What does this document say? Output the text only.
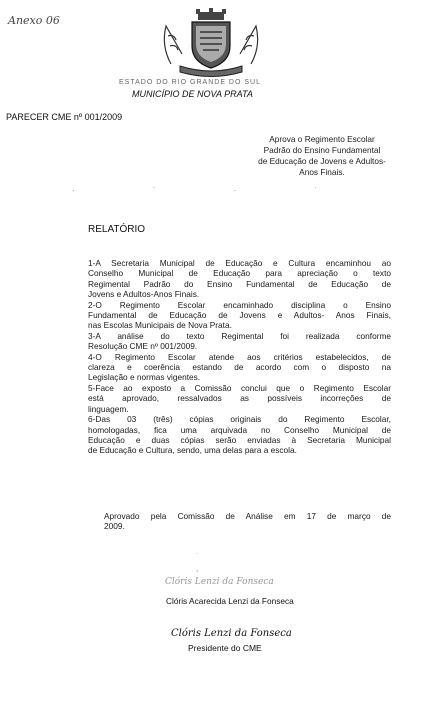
Anexo 06
ESTADO DO RIO GRANDE DO SUL
MUNICÍPIO DE NOVA PRATA
PARECER CME nº 001/2009
Aprova o Regimento Escolar
Padrão do Ensino Fundamental
de Educação de Jovens e Adultos-
Anos Finais.
· ˙ · ˙
RELATÓRIO
1-A Secretaria Municipal de Educação e Cultura encaminhou ao
Conselho Municipal de Educação para apreciação o texto
Regimental Padrão do Ensino Fundamental de Educação de
Jovens e Adultos-Anos Finais.
2-O Regimento Escolar encaminhado disciplina o Ensino
Fundamental de Educação de Jovens e Adultos- Anos Finais,
nas Escolas Municipais de Nova Prata.
3-A análise do texto Regimental foi realizada conforme
Resolução CME nº 001/2009.
4-O Regimento Escolar atende aos critérios estabelecidos, de
clareza e coerência estando de acordo com o disposto na
Legislação e normas vigentes.
5-Face ao exposto a Comissão conclui que o Regimento Escolar
está aprovado, ressalvados as possíveis incorreções de
linguagem.
6-Das 03 (três) cópias originais do Regimento Escolar,
homologadas, fica uma arquivada no Conselho Municipal de
Educação e duas cópias serão enviadas à Secretaria Municipal
de Educação e Cultura, sendo, uma delas para a escola.
Aprovado pela Comissão de Análise em 17 de março de
2009.
˙
,
Clóris Lenzi da Fonseca
Clóris Acarecida Lenzi da Fonseca
Clóris Lenzi da Fonseca
Presidente do CME
